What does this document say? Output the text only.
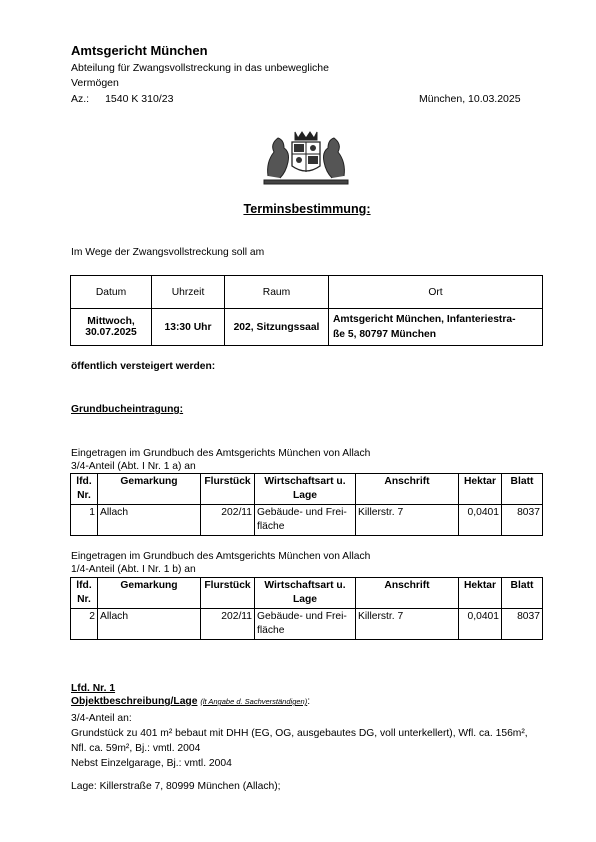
Amtsgericht München
Abteilung für Zwangsvollstreckung in das unbewegliche Vermögen
Az.: 1540 K 310/23	München, 10.03.2025
Terminsbestimmung:
Im Wege der Zwangsvollstreckung soll am
Datum	Uhrzeit	Raum	Ort
Mittwoch,
30.07.2025	13:30 Uhr	202, Sitzungssaal	Amtsgericht München, Infanteriestra-
ße 5, 80797 München
öffentlich versteigert werden:
Grundbucheintragung:
Eingetragen im Grundbuch des Amtsgerichts München von Allach
3/4-Anteil (Abt. I Nr. 1 a) an
lfd.
Nr.	Gemarkung	Flurstück	Wirtschaftsart u.
Lage	Anschrift	Hektar	Blatt
1	Allach	202/11	Gebäude- und Frei-
fläche	Killerstr. 7	0,0401	8037
Eingetragen im Grundbuch des Amtsgerichts München von Allach
1/4-Anteil (Abt. I Nr. 1 b) an
lfd.
Nr.	Gemarkung	Flurstück	Wirtschaftsart u.
Lage	Anschrift	Hektar	Blatt
2	Allach	202/11	Gebäude- und Frei-
fläche	Killerstr. 7	0,0401	8037
Lfd. Nr. 1
Objektbeschreibung/Lage (lt Angabe d. Sachverständigen):
3/4-Anteil an:
Grundstück zu 401 m² bebaut mit DHH (EG, OG, ausgebautes DG, voll unterkellert), Wfl. ca. 156m², Nfl. ca. 59m², Bj.: vmtl. 2004
Nebst Einzelgarage, Bj.: vmtl. 2004
Lage: Killerstraße 7, 80999 München (Allach);
